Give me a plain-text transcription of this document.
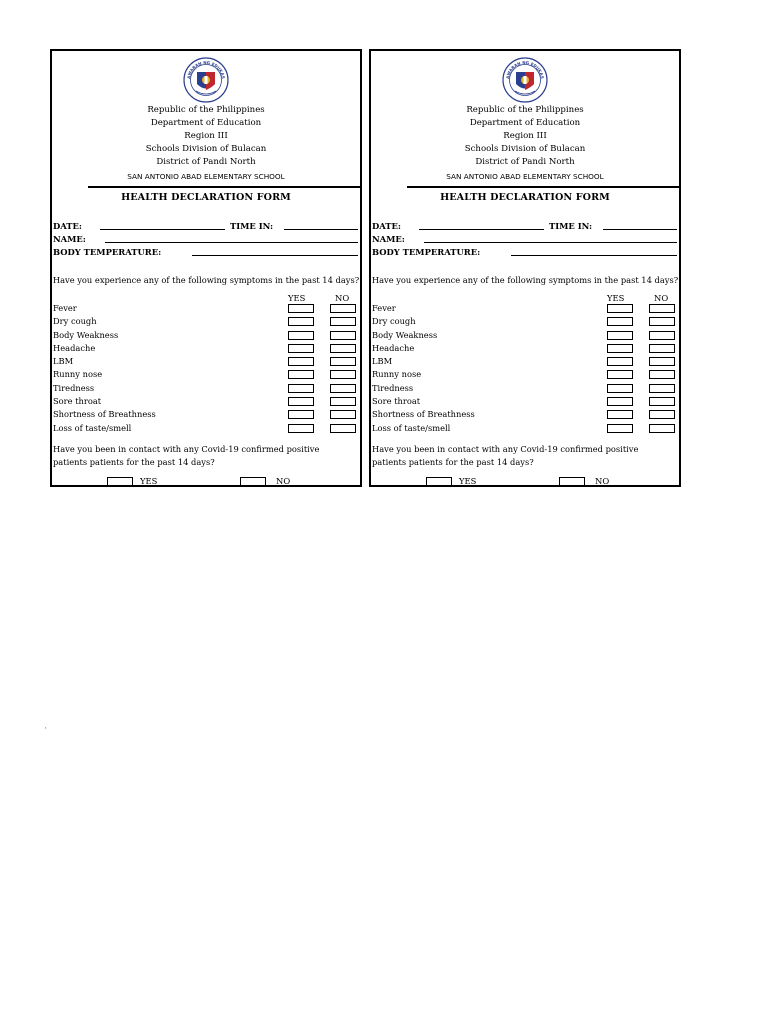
AWARAN NG EDUKAS
Republic of the Philippines
Department of Education
Region III
Schools Division of Bulacan
District of Pandi North
SAN ANTONIO ABAD ELEMENTARY SCHOOL
HEALTH DECLARATION FORM
DATE:	TIME IN:
NAME:
BODY TEMPERATURE:
Have you experience any of the following symptoms in the past 14 days?
YES	NO
Fever
Dry cough
Body Weakness
Headache
LBM
Runny nose
Tiredness
Sore throat
Shortness of Breathness
Loss of taste/smell
Have you been in contact with any Covid-19 confirmed positive patients patients for the past 14 days?
YES	NO
AWARAN NG EDUKAS
Republic of the Philippines
Department of Education
Region III
Schools Division of Bulacan
District of Pandi North
SAN ANTONIO ABAD ELEMENTARY SCHOOL
HEALTH DECLARATION FORM
DATE:	TIME IN:
NAME:
BODY TEMPERATURE:
Have you experience any of the following symptoms in the past 14 days?
YES	NO
Fever
Dry cough
Body Weakness
Headache
LBM
Runny nose
Tiredness
Sore throat
Shortness of Breathness
Loss of taste/smell
Have you been in contact with any Covid-19 confirmed positive patients patients for the past 14 days?
YES	NO
'
